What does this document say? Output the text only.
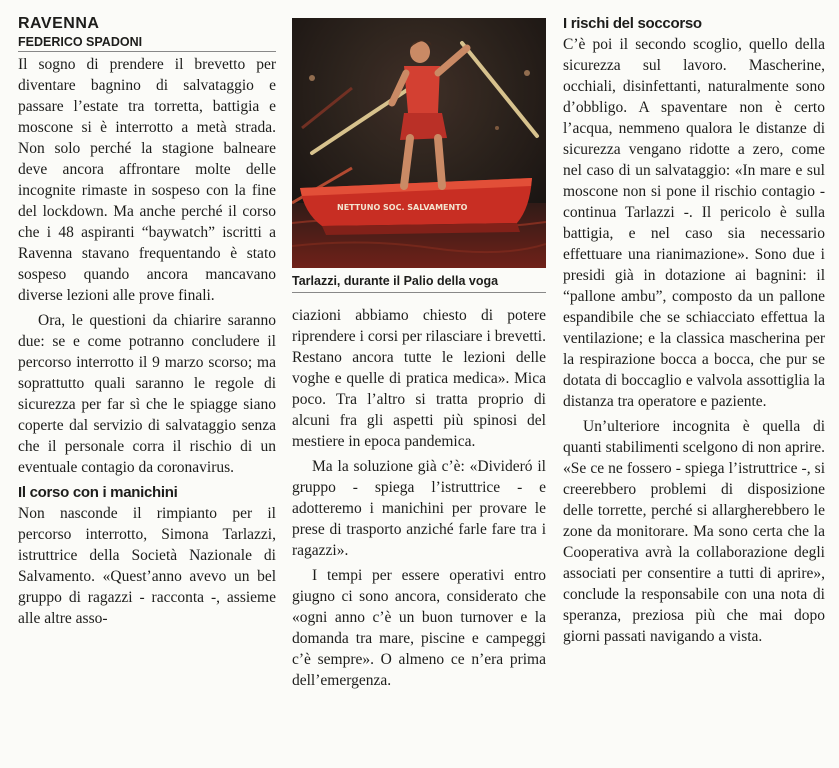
RAVENNA
FEDERICO SPADONI

Il sogno di prendere il brevetto per diventare bagnino di salvataggio e passare l’estate tra torretta, battigia e moscone si è interrotto a metà strada. Non solo perché la stagione balneare deve ancora affrontare molte delle incognite rimaste in sospeso con la fine del lockdown. Ma anche perché il corso che i 48 aspiranti “baywatch” iscritti a Ravenna stavano frequentando è stato sospeso quando ancora mancavano diverse lezioni alle prove finali.

Ora, le questioni da chiarire saranno due: se e come potranno concludere il percorso interrotto il 9 marzo scorso; ma soprattutto quali saranno le regole di sicurezza per far sì che le spiagge siano coperte dal servizio di salvataggio senza che il personale corra il rischio di un eventuale contagio da coronavirus.

Il corso con i manichini

Non nasconde il rimpianto per il percorso interrotto, Simona Tarlazzi, istruttrice della Società Nazionale di Salvamento. «Quest’anno avevo un bel gruppo di ragazzi - racconta -, assieme alle altre asso-

NETTUNO SOC. SALVAMENTO
Tarlazzi, durante il Palio della voga

ciazioni abbiamo chiesto di potere riprendere i corsi per rilasciare i brevetti. Restano ancora tutte le lezioni delle voghe e quelle di pratica medica». Mica poco. Tra l’altro si tratta proprio di alcuni fra gli aspetti più spinosi del mestiere in epoca pandemica.

Ma la soluzione già c’è: «Divideró il gruppo - spiega l’istruttrice - e adotteremo i manichini per provare le prese di trasporto anziché farle fare tra i ragazzi».

I tempi per essere operativi entro giugno ci sono ancora, considerato che «ogni anno c’è un buon turnover e la domanda tra mare, piscine e campeggi c’è sempre». O almeno ce n’era prima dell’emergenza.

I rischi del soccorso

C’è poi il secondo scoglio, quello della sicurezza sul lavoro. Mascherine, occhiali, disinfettanti, naturalmente sono d’obbligo. A spaventare non è certo l’acqua, nemmeno qualora le distanze di sicurezza vengano ridotte a zero, come nel caso di un salvataggio: «In mare e sul moscone non si pone il rischio contagio - continua Tarlazzi -. Il pericolo è sulla battigia, e nel caso sia necessario effettuare una rianimazione». Sono due i presidi già in dotazione ai bagnini: il “pallone ambu”, composto da un pallone espandibile che se schiacciato effettua la ventilazione; e la classica mascherina per la respirazione bocca a bocca, che pur se dotata di boccaglio e valvola assottiglia la distanza tra operatore e paziente.

Un’ulteriore incognita è quella di quanti stabilimenti scelgono di non aprire. «Se ce ne fossero - spiega l’istruttrice -, si creerebbero problemi di disposizione delle torrette, perché si allargherebbero le zone da monitorare. Ma sono certa che la Cooperativa avrà la collaborazione degli associati per consentire a tutti di aprire», conclude la responsabile con una nota di speranza, preziosa più che mai dopo giorni passati navigando a vista.
